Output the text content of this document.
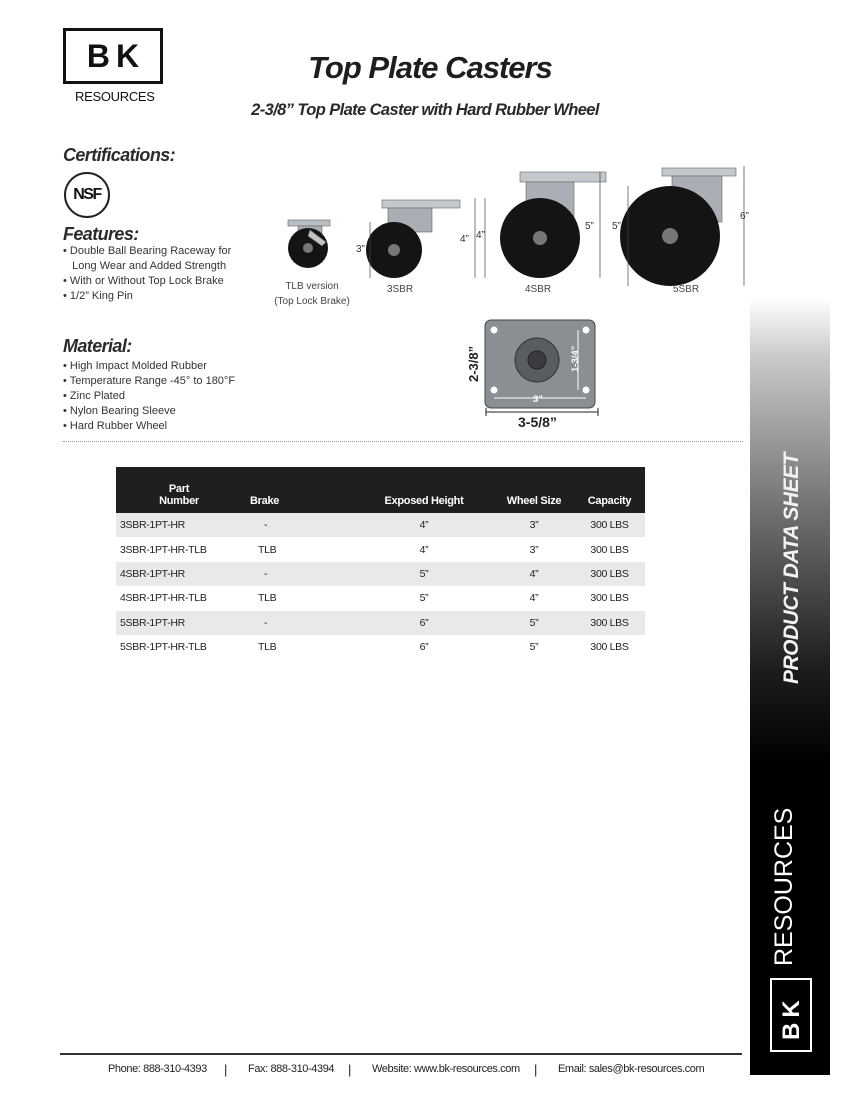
BK
RESOURCES
Top Plate Casters
2-3/8” Top Plate Caster with Hard Rubber Wheel
Certifications:
NSF
Features:
• Double Ball Bearing Raceway for
Long Wear and Added Strength
• With or Without Top Lock Brake
• 1/2” King Pin
Material:
• High Impact Molded Rubber
• Temperature Range -45° to 180°F
• Zinc Plated
• Nylon Bearing Sleeve
• Hard Rubber Wheel
TLB version
(Top Lock Brake)
3SBR
3”
4SBR
4” 4”
5SBR
5” 5”
6”
2-3/8”	1-3/4”
3”
3-5/8”
Part
Number	Brake	Exposed Height	Wheel Size	Capacity
3SBR-1PT-HR	-	4”	3”	300 LBS
3SBR-1PT-HR-TLB	TLB	4”	3”	300 LBS
4SBR-1PT-HR	-	5”	4”	300 LBS
4SBR-1PT-HR-TLB	TLB	5”	4”	300 LBS
5SBR-1PT-HR	-	6”	5”	300 LBS
5SBR-1PT-HR-TLB	TLB	6”	5”	300 LBS	PRODUCT DATA SHEET
RESOURCES
BK
Phone: 888-310-4393 | Fax: 888-310-4394 | Website: www.bk-resources.com | Email: sales@bk-resources.com
